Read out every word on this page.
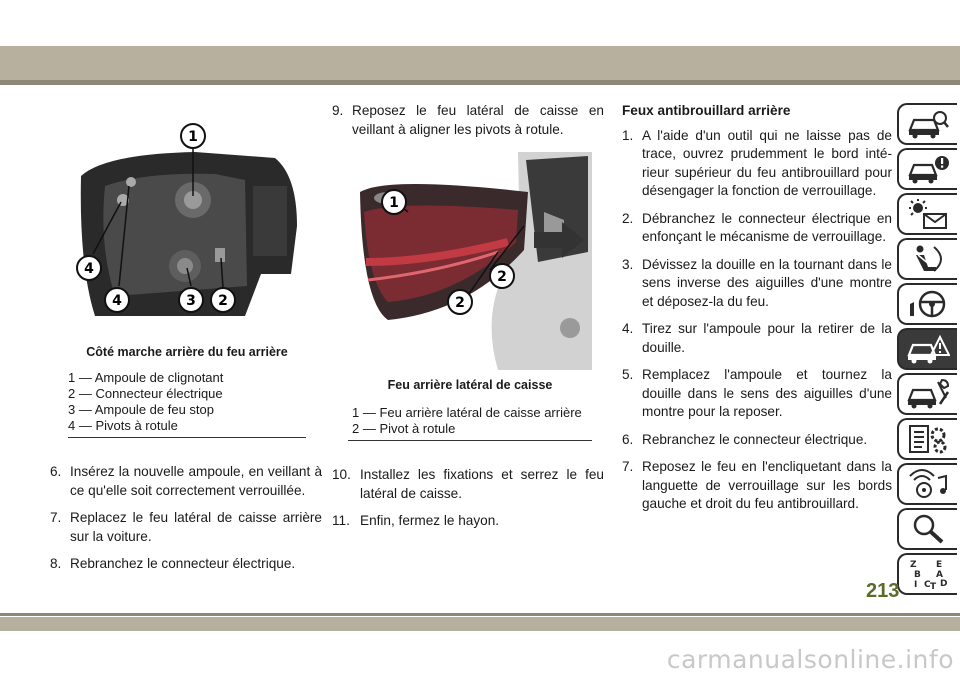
1
2
3
4
4
Côté marche arrière du feu arrière
1 — Ampoule de clignotant
2 — Connecteur électrique
3 — Ampoule de feu stop
4 — Pivots à rotule
6. Insérez la nouvelle ampoule, en veillant à ce qu'elle soit correctement verrouillée.
7. Replacez le feu latéral de caisse arrière sur la voiture.
8. Rebranchez le connecteur électrique.
9. Reposez le feu latéral de caisse en veillant à aligner les pivots à rotule.
1
2
2
Feu arrière latéral de caisse
1 — Feu arrière latéral de caisse arrière
2 — Pivot à rotule
10. Installez les fixations et serrez le feu latéral de caisse.
11. Enfin, fermez le hayon.
Feux antibrouillard arrière
1. A l'aide d'un outil qui ne laisse pas de trace, ouvrez prudemment le bord inté-rieur supérieur du feu antibrouillard pour désengager la fonction de verrouillage.
2. Débranchez le connecteur électrique en enfonçant le mécanisme de verrouillage.
3. Dévissez la douille en la tournant dans le sens inverse des aiguilles d'une montre et déposez-la du feu.
4. Tirez sur l'ampoule pour la retirer de la douille.
5. Remplacez l'ampoule et tournez la douille dans le sens des aiguilles d'une montre pour la reposer.
6. Rebranchez le connecteur électrique.
7. Reposez le feu en l'encliquetant dans la languette de verrouillage sur les bords gauche et droit du feu antibrouillard.
Z E
B A
I C T D
213
carmanualsonline.info
